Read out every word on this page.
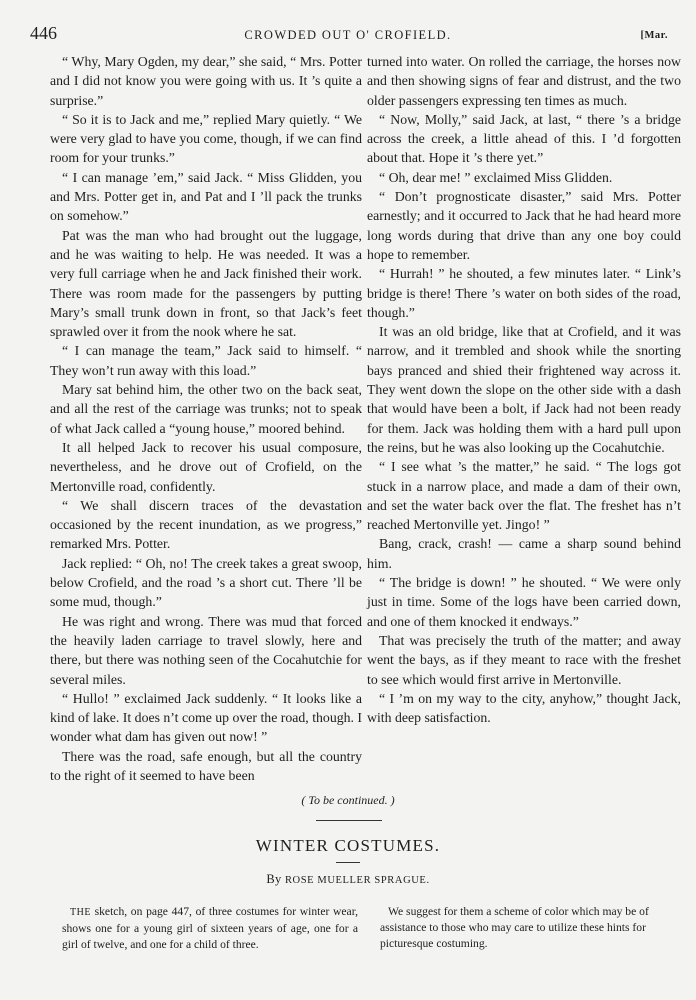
446	CROWDED OUT O' CROFIELD.	[Mar.

“ Why, Mary Ogden, my dear,” she said, “ Mrs. Potter and I did not know you were going with us. It ’s quite a surprise.”

“ So it is to Jack and me,” replied Mary quietly. “ We were very glad to have you come, though, if we can find room for your trunks.”

“ I can manage ’em,” said Jack. “ Miss Glidden, you and Mrs. Potter get in, and Pat and I ’ll pack the trunks on somehow.”

Pat was the man who had brought out the luggage, and he was waiting to help. He was needed. It was a very full carriage when he and Jack finished their work. There was room made for the passengers by putting Mary’s small trunk down in front, so that Jack’s feet sprawled over it from the nook where he sat.

“ I can manage the team,” Jack said to himself. “ They won’t run away with this load.”

Mary sat behind him, the other two on the back seat, and all the rest of the carriage was trunks; not to speak of what Jack called a “young house,” moored behind.

It all helped Jack to recover his usual composure, nevertheless, and he drove out of Crofield, on the Mertonville road, confidently.

“ We shall discern traces of the devastation occasioned by the recent inundation, as we progress,” remarked Mrs. Potter.

Jack replied: “ Oh, no! The creek takes a great swoop, below Crofield, and the road ’s a short cut. There ’ll be some mud, though.”

He was right and wrong. There was mud that forced the heavily laden carriage to travel slowly, here and there, but there was nothing seen of the Cocahutchie for several miles.

“ Hullo! ” exclaimed Jack suddenly. “ It looks like a kind of lake. It does n’t come up over the road, though. I wonder what dam has given out now! ”

There was the road, safe enough, but all the country to the right of it seemed to have been

turned into water. On rolled the carriage, the horses now and then showing signs of fear and distrust, and the two older passengers expressing ten times as much.

“ Now, Molly,” said Jack, at last, “ there ’s a bridge across the creek, a little ahead of this. I ’d forgotten about that. Hope it ’s there yet.”

“ Oh, dear me! ” exclaimed Miss Glidden.

“ Don’t prognosticate disaster,” said Mrs. Potter earnestly; and it occurred to Jack that he had heard more long words during that drive than any one boy could hope to remember.

“ Hurrah! ” he shouted, a few minutes later. “ Link’s bridge is there! There ’s water on both sides of the road, though.”

It was an old bridge, like that at Crofield, and it was narrow, and it trembled and shook while the snorting bays pranced and shied their frightened way across it. They went down the slope on the other side with a dash that would have been a bolt, if Jack had not been ready for them. Jack was holding them with a hard pull upon the reins, but he was also looking up the Cocahutchie.

“ I see what ’s the matter,” he said. “ The logs got stuck in a narrow place, and made a dam of their own, and set the water back over the flat. The freshet has n’t reached Mertonville yet. Jingo! ”

Bang, crack, crash! — came a sharp sound behind him.

“ The bridge is down! ” he shouted. “ We were only just in time. Some of the logs have been carried down, and one of them knocked it endways.”

That was precisely the truth of the matter; and away went the bays, as if they meant to race with the freshet to see which would first arrive in Mertonville.

“ I ’m on my way to the city, anyhow,” thought Jack, with deep satisfaction.

( To be continued. )
WINTER COSTUMES.
By ROSE MUELLER SPRAGUE.

THE sketch, on page 447, of three costumes for winter wear, shows one for a young girl of sixteen years of age, one for a girl of twelve, and one for a child of three.

We suggest for them a scheme of color which may be of assistance to those who may care to utilize these hints for picturesque costuming.
